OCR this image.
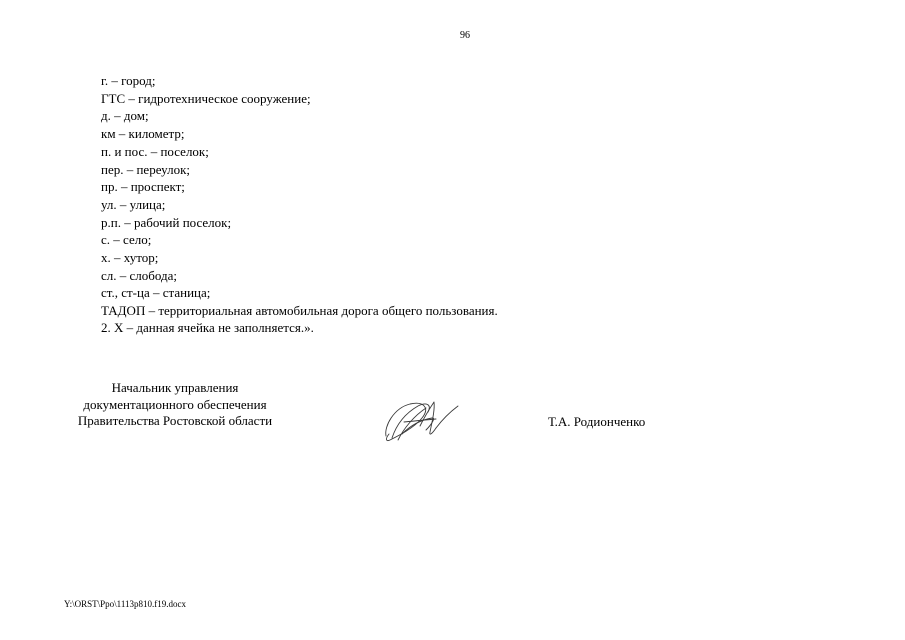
96
г. – город;
ГТС – гидротехническое сооружение;
д. – дом;
км – километр;
п. и пос. – поселок;
пер. – переулок;
пр. – проспект;
ул. – улица;
р.п. – рабочий поселок;
с. – село;
х. – хутор;
сл. – слобода;
ст., ст-ца – станица;
ТАДОП – территориальная автомобильная дорога общего пользования.
2. Х – данная ячейка не заполняется.».
Начальник управления
документационного обеспечения
Правительства Ростовской области	Т.А. Родионченко
Y:\ORST\Ppo\1113p810.f19.docx
